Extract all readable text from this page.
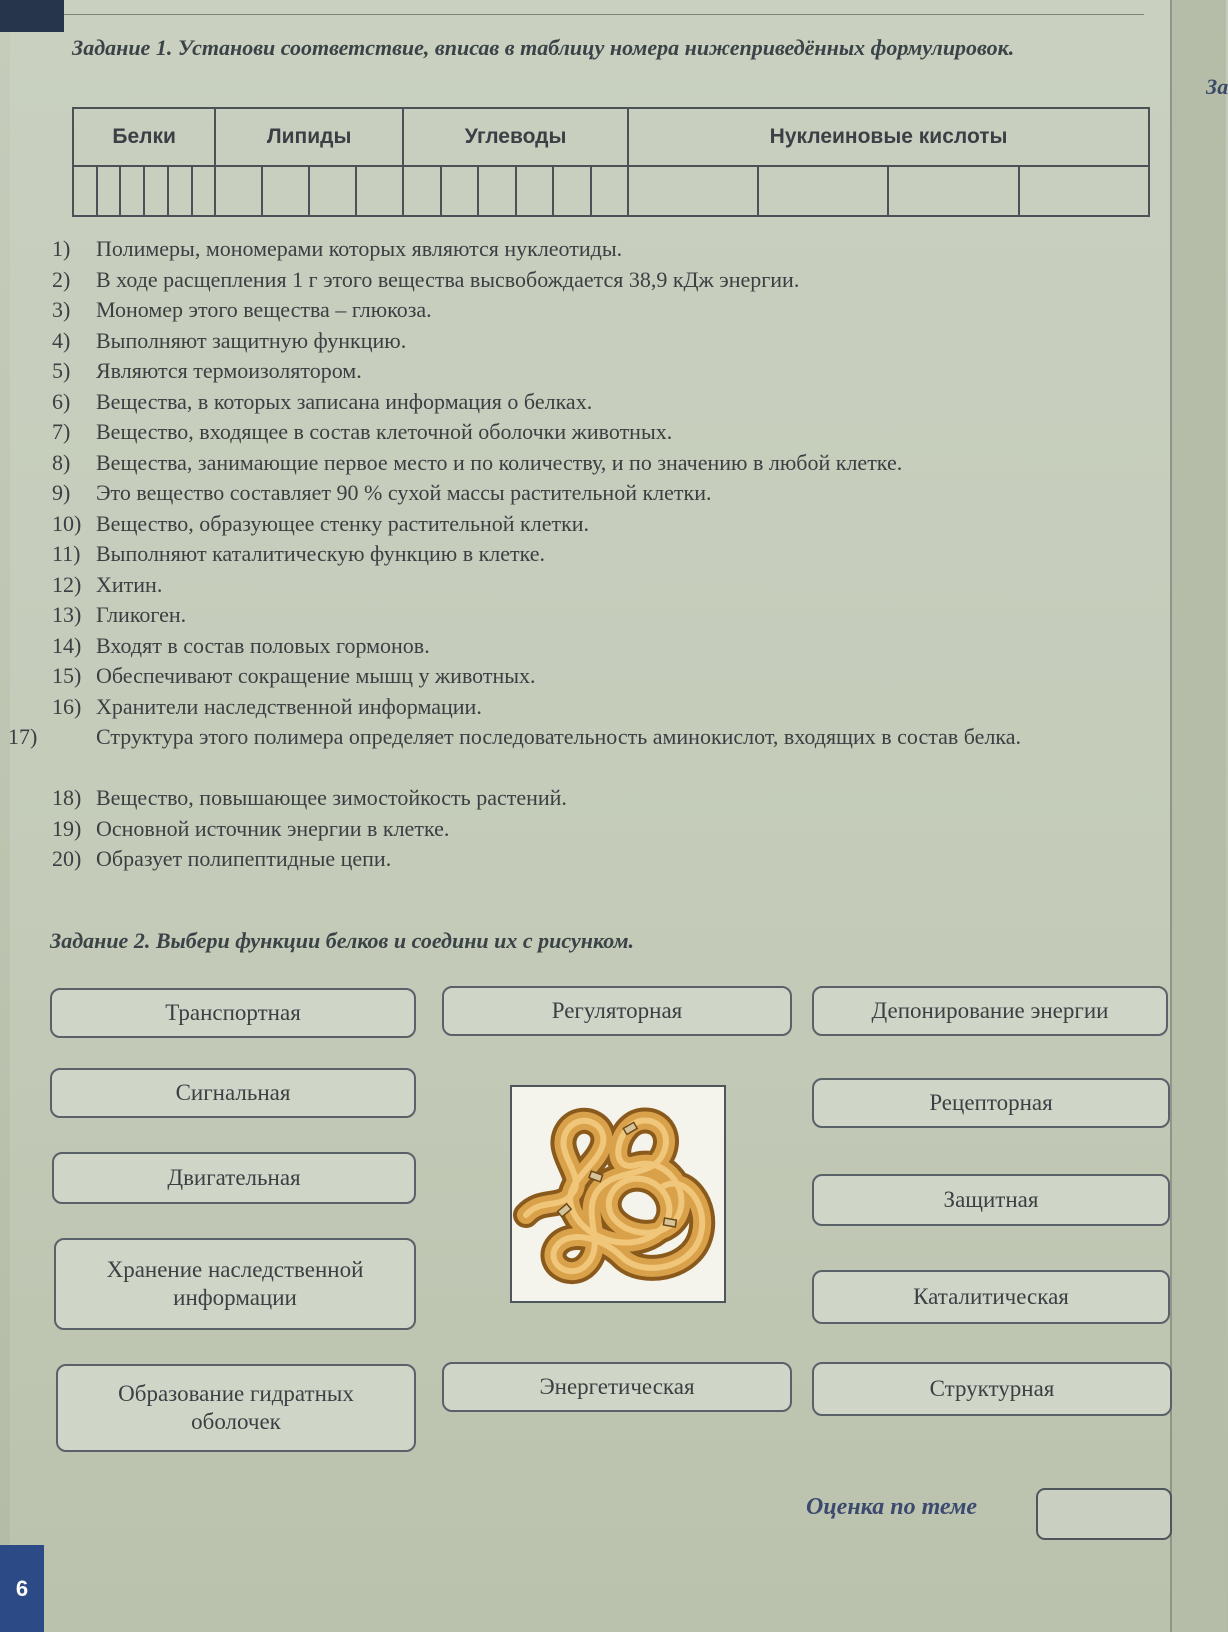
За
Задание 1. Установи соответствие, вписав в таблицу номера нижеприведённых формулировок.
Белки						Липиды				Углеводы						Нуклеиновые кислоты			

1) Полимеры, мономерами которых являются нуклеотиды.
2) В ходе расщепления 1 г этого вещества высвобождается 38,9 кДж энергии.
3) Мономер этого вещества – глюкоза.
4) Выполняют защитную функцию.
5) Являются термоизолятором.
6) Вещества, в которых записана информация о белках.
7) Вещество, входящее в состав клеточной оболочки животных.
8) Вещества, занимающие первое место и по количеству, и по значению в любой клетке.
9) Это вещество составляет 90 % сухой массы растительной клетки.
10) Вещество, образующее стенку растительной клетки.
11) Выполняют каталитическую функцию в клетке.
12) Хитин.
13) Гликоген.
14) Входят в состав половых гормонов.
15) Обеспечивают сокращение мышц у животных.
16) Хранители наследственной информации.
17)	Структура этого полимера определяет последовательность аминокислот, входящих в состав белка.
18) Вещество, повышающее зимостойкость растений.
19) Основной источник энергии в клетке.
20) Образует полипептидные цепи.
Задание 2. Выбери функции белков и соедини их с рисунком.
Транспортная
Сигнальная
Двигательная
Хранение наследственной информации
Образование гидратных оболочек
Регуляторная
Энергетическая
Депонирование энергии
Рецепторная
Защитная
Каталитическая
Структурная
Оценка по теме
6
